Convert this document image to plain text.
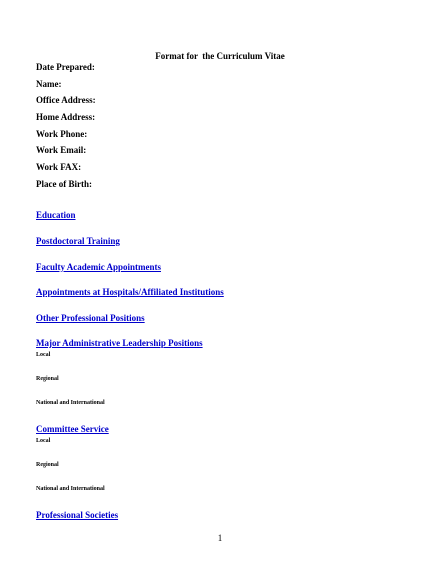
Format for  the Curriculum Vitae
Date Prepared:
Name:
Office Address:
Home Address:
Work Phone:
Work Email:
Work FAX:
Place of Birth:
Education
Postdoctoral Training
Faculty Academic Appointments
Appointments at Hospitals/Affiliated Institutions
Other Professional Positions
Major Administrative Leadership Positions
Local
Regional
National and International
Committee Service
Local
Regional
National and International
Professional Societies
1
